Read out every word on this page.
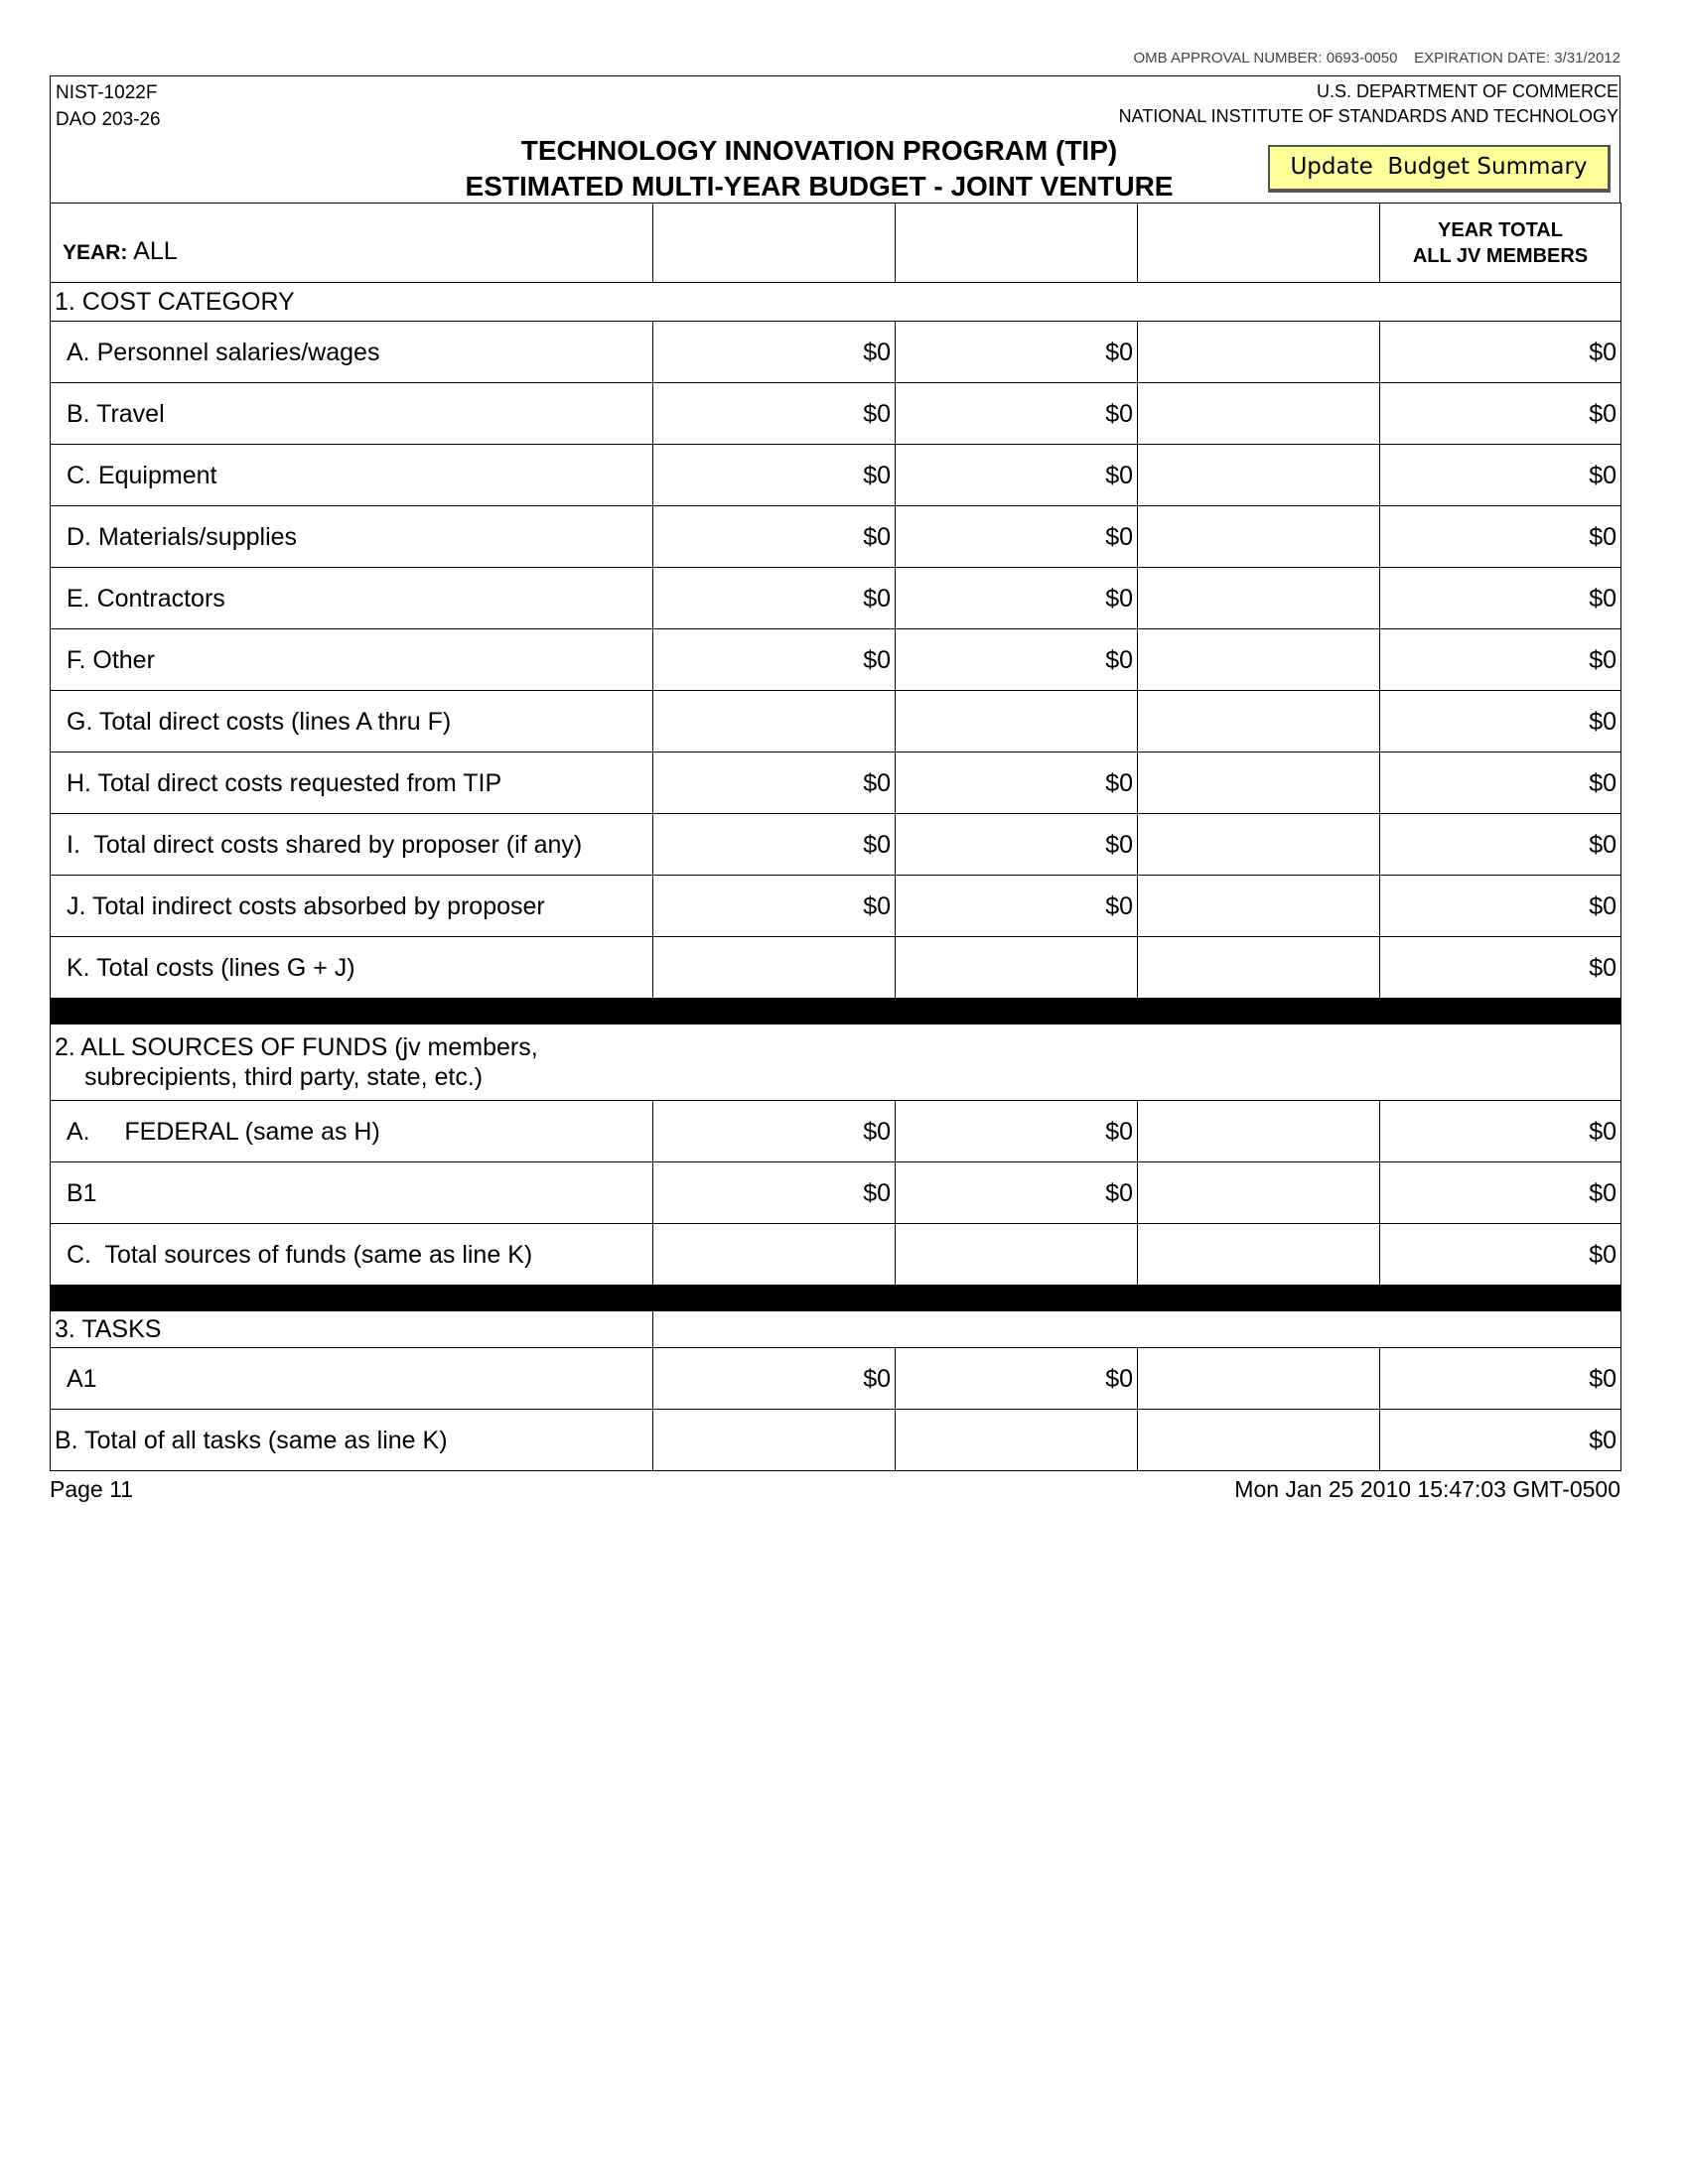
OMB APPROVAL NUMBER: 0693-0050 EXPIRATION DATE: 3/31/2012
NIST-1022F
DAO 203-26
U.S. DEPARTMENT OF COMMERCE
NATIONAL INSTITUTE OF STANDARDS AND TECHNOLOGY
TECHNOLOGY INNOVATION PROGRAM (TIP)
ESTIMATED MULTI-YEAR BUDGET - JOINT VENTURE
Update  Budget Summary
YEAR: ALL				YEAR TOTAL
ALL JV MEMBERS

1. COST CATEGORY				
A. Personnel salaries/wages	$0	$0		$0
B. Travel	$0	$0		$0
C. Equipment	$0	$0		$0
D. Materials/supplies	$0	$0		$0
E. Contractors	$0	$0		$0
F. Other	$0	$0		$0
G. Total direct costs (lines A thru F)				$0
H. Total direct costs requested from TIP	$0	$0		$0
I.  Total direct costs shared by proposer (if any)	$0	$0		$0
J. Total indirect costs absorbed by proposer	$0	$0		$0
K. Total costs (lines G + J)				$0

2. ALL SOURCES OF FUNDS (jv members,
subrecipients, third party, state, etc.)				

A.     FEDERAL (same as H)	$0	$0		$0
B1	$0	$0		$0
C.  Total sources of funds (same as line K)				$0

3. TASKS				
A1	$0	$0		$0
B. Total of all tasks (same as line K)				$0
Page 11	Mon Jan 25 2010 15:47:03 GMT-0500
